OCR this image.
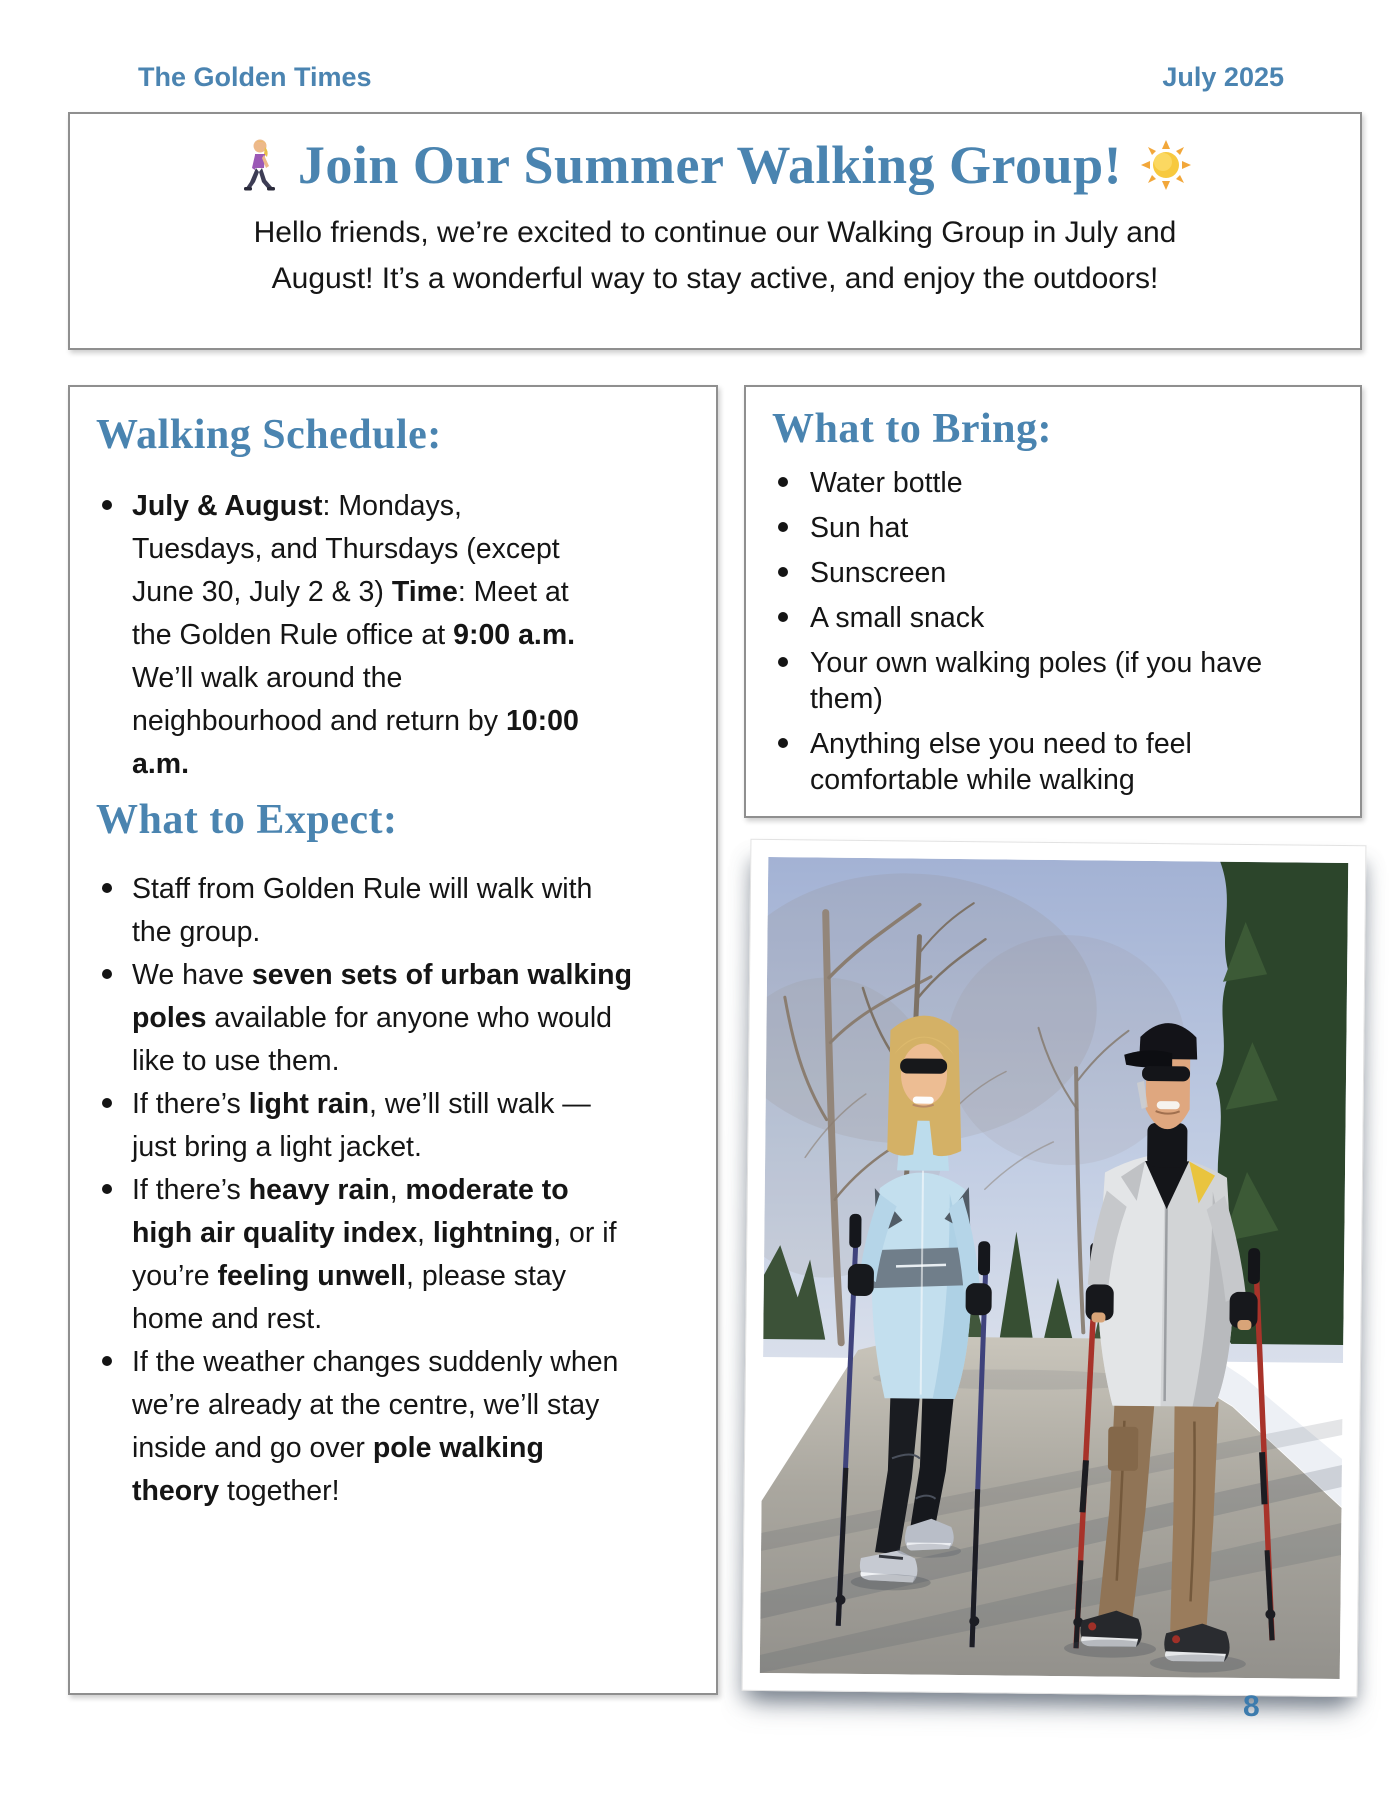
The Golden Times	July 2025
Join Our Summer Walking Group!

Hello friends, we’re excited to continue our Walking Group in July and
August! It’s a wonderful way to stay active, and enjoy the outdoors!

Walking Schedule:
July & August: Mondays, Tuesdays, and Thursdays (except June 30, July 2 & 3) Time: Meet at the Golden Rule office at 9:00 a.m. We’ll walk around the neighbourhood and return by 10:00 a.m.
What to Expect:
Staff from Golden Rule will walk with the group.
We have seven sets of urban walking poles available for anyone who would like to use them.
If there’s light rain, we’ll still walk — just bring a light jacket.
If there’s heavy rain, moderate to high air quality index, lightning, or if you’re feeling unwell, please stay home and rest.
If the weather changes suddenly when we’re already at the centre, we’ll stay inside and go over pole walking theory together!
What to Bring:
Water bottle
Sun hat
Sunscreen
A small snack
Your own walking poles (if you have them)
Anything else you need to feel comfortable while walking
8
